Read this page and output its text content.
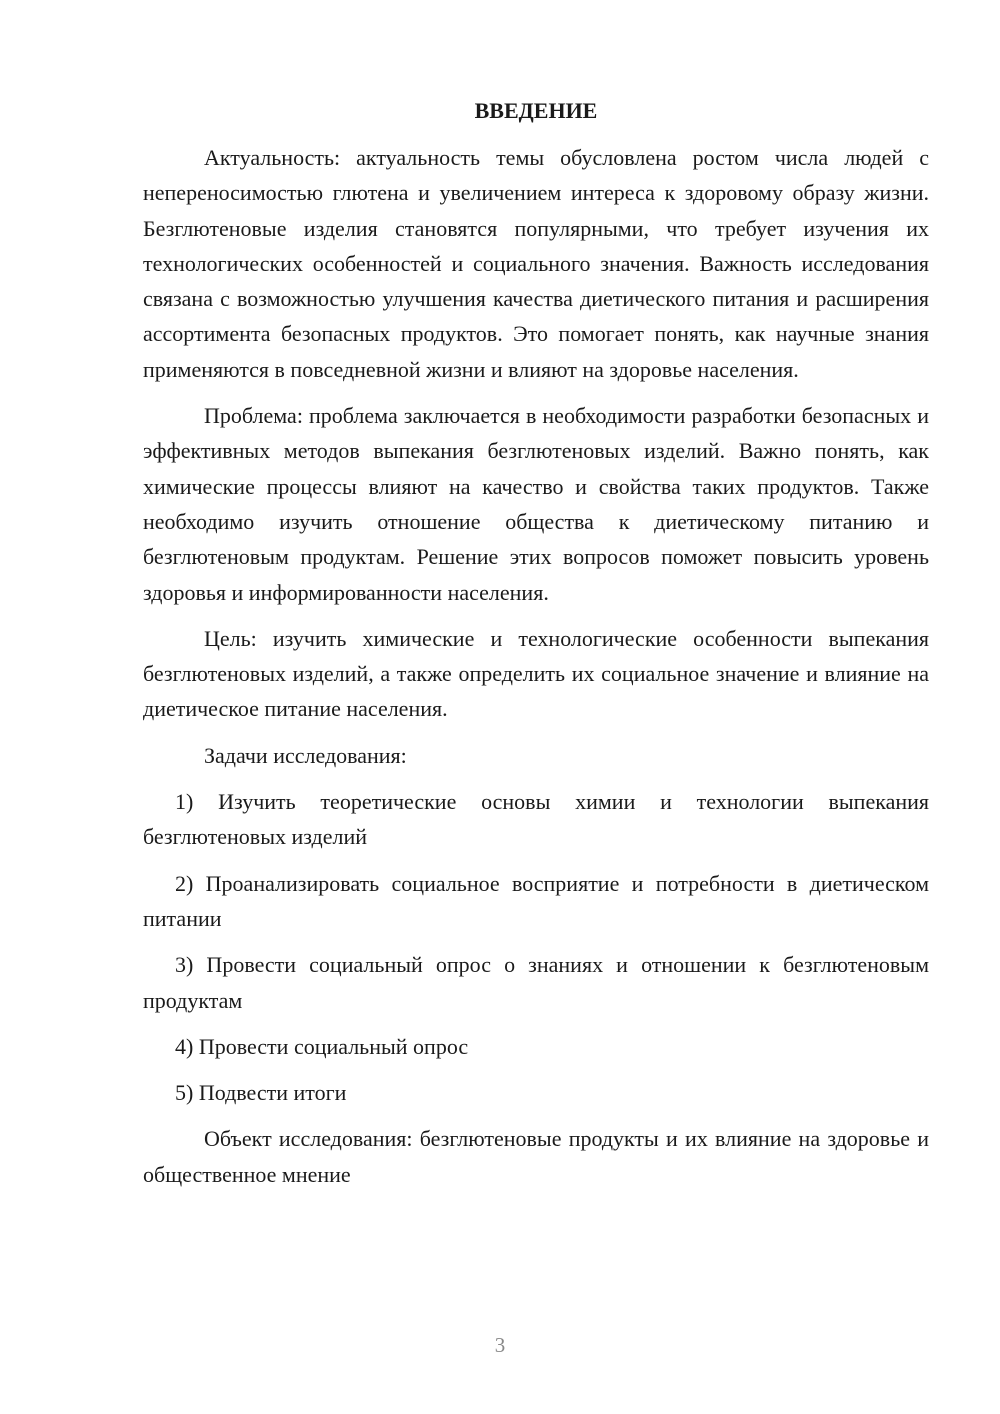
ВВЕДЕНИЕ

Актуальность: актуальность темы обусловлена ростом числа людей с непереносимостью глютена и увеличением интереса к здоровому образу жизни. Безглютеновые изделия становятся популярными, что требует изучения их технологических особенностей и социального значения. Важность исследования связана с возможностью улучшения качества диетического питания и расширения ассортимента безопасных продуктов. Это помогает понять, как научные знания применяются в повседневной жизни и влияют на здоровье населения.

Проблема: проблема заключается в необходимости разработки безопасных и эффективных методов выпекания безглютеновых изделий. Важно понять, как химические процессы влияют на качество и свойства таких продуктов. Также необходимо изучить отношение общества к диетическому питанию и безглютеновым продуктам. Решение этих вопросов поможет повысить уровень здоровья и информированности населения.

Цель: изучить химические и технологические особенности выпекания безглютеновых изделий, а также определить их социальное значение и влияние на диетическое питание населения.

Задачи исследования:

1) Изучить теоретические основы химии и технологии выпекания безглютеновых изделий

2) Проанализировать социальное восприятие и потребности в диетическом питании

3) Провести социальный опрос о знаниях и отношении к безглютеновым продуктам

4) Провести социальный опрос

5) Подвести итоги

Объект исследования: безглютеновые продукты и их влияние на здоровье и общественное мнение

3
